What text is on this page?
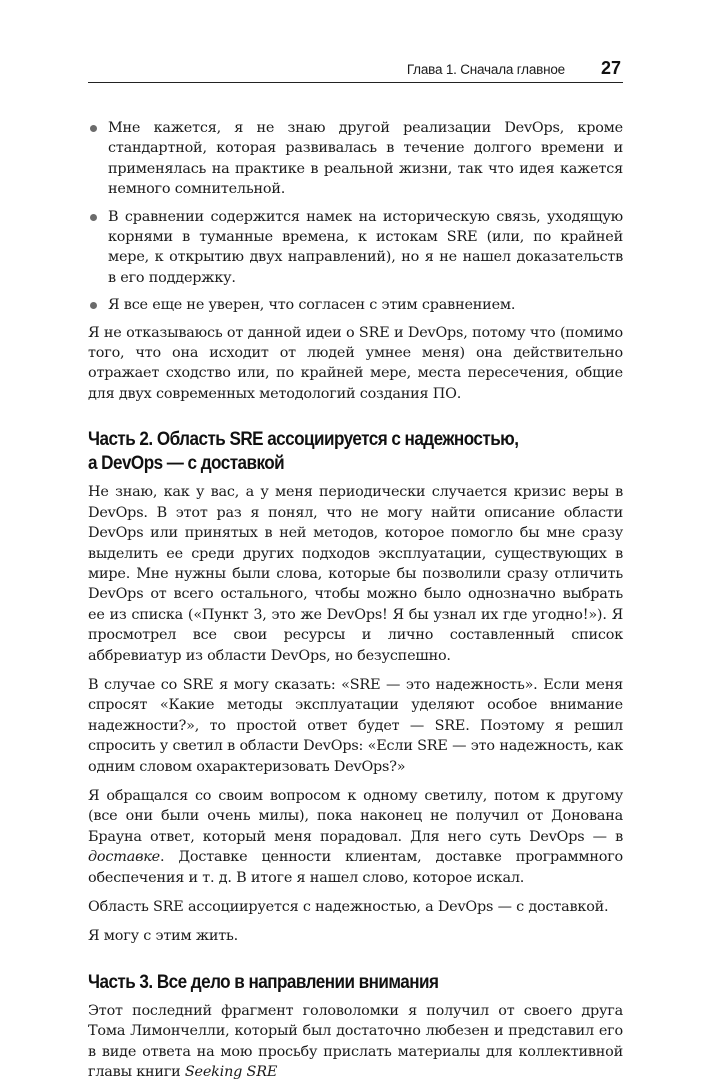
Глава 1. Сначала главное 27
Мне кажется, я не знаю другой реализации DevOps, кроме стандартной, которая развивалась в течение долгого времени и применялась на практике в реальной жизни, так что идея кажется немного сомнительной.
В сравнении содержится намек на историческую связь, уходящую корнями в туманные времена, к истокам SRE (или, по крайней мере, к открытию двух направлений), но я не нашел доказательств в его поддержку.
Я все еще не уверен, что согласен с этим сравнением.

Я не отказываюсь от данной идеи о SRE и DevOps, потому что (помимо того, что она исходит от людей умнее меня) она действительно отражает сходство или, по крайней мере, места пересечения, общие для двух современных методологий создания ПО.

Часть 2. Область SRE ассоциируется с надежностью,
a DevOps — с доставкой

Не знаю, как у вас, а у меня периодически случается кризис веры в DevOps. В этот раз я понял, что не могу найти описание области DevOps или принятых в ней методов, которое помогло бы мне сразу выделить ее среди других подходов эксплуатации, существующих в мире. Мне нужны были слова, которые бы позволили сразу отличить DevOps от всего остального, чтобы можно было однозначно выбрать ее из списка («Пункт 3, это же DevOps! Я бы узнал их где угодно!»). Я просмотрел все свои ресурсы и лично составленный список аббревиатур из области DevOps, но безуспешно.

В случае со SRE я могу сказать: «SRE — это надежность». Если меня спросят «Какие методы эксплуатации уделяют особое внимание надежности?», то простой ответ будет — SRE. Поэтому я решил спросить у светил в области DevOps: «Если SRE — это надежность, как одним словом охарактеризовать DevOps?»

Я обращался со своим вопросом к одному светилу, потом к другому (все они были очень милы), пока наконец не получил от Донована Брауна ответ, который меня порадовал. Для него суть DevOps — в доставке. Доставке ценности клиентам, доставке программного обеспечения и т. д. В итоге я нашел слово, которое искал.

Область SRE ассоциируется с надежностью, а DevOps — с доставкой.

Я могу с этим жить.

Часть 3. Все дело в направлении внимания

Этот последний фрагмент головоломки я получил от своего друга Тома Лимончелли, который был достаточно любезен и представил его в виде ответа на мою просьбу прислать материалы для коллективной главы книги Seeking SRE
